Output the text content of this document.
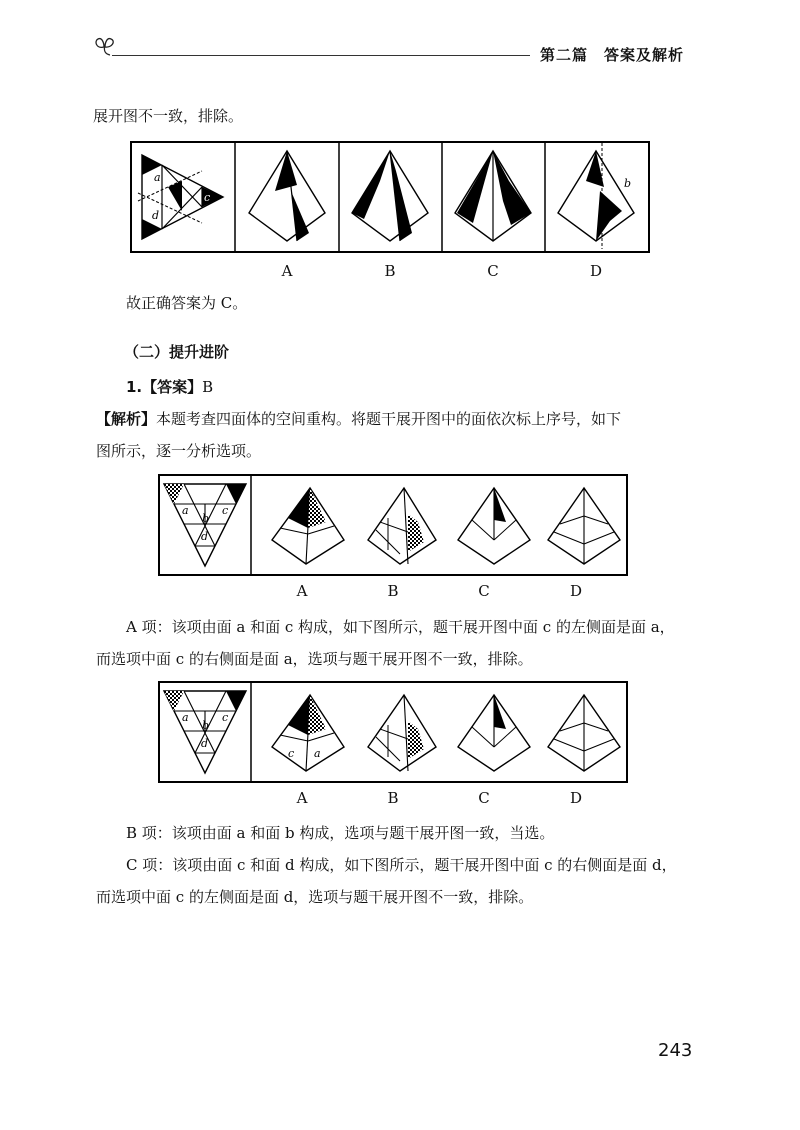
第二篇　答案及解析
展开图不一致，排除。
a
b	c
d
b
A	B	C	D
故正确答案为 C。
（二）提升进阶
1.【答案】B
【解析】本题考查四面体的空间重构。将题干展开图中的面依次标上序号，如下
图所示，逐一分析选项。
a
b
c
d
A	B	C	D
A 项：该项由面 a 和面 c 构成，如下图所示，题干展开图中面 c 的左侧面是面 a，
而选项中面 c 的右侧面是面 a，选项与题干展开图不一致，排除。
a
b
c
d
c a
A	B	C	D
B 项：该项由面 a 和面 b 构成，选项与题干展开图一致，当选。
C 项：该项由面 c 和面 d 构成，如下图所示，题干展开图中面 c 的右侧面是面 d，
而选项中面 c 的左侧面是面 d，选项与题干展开图不一致，排除。
243
